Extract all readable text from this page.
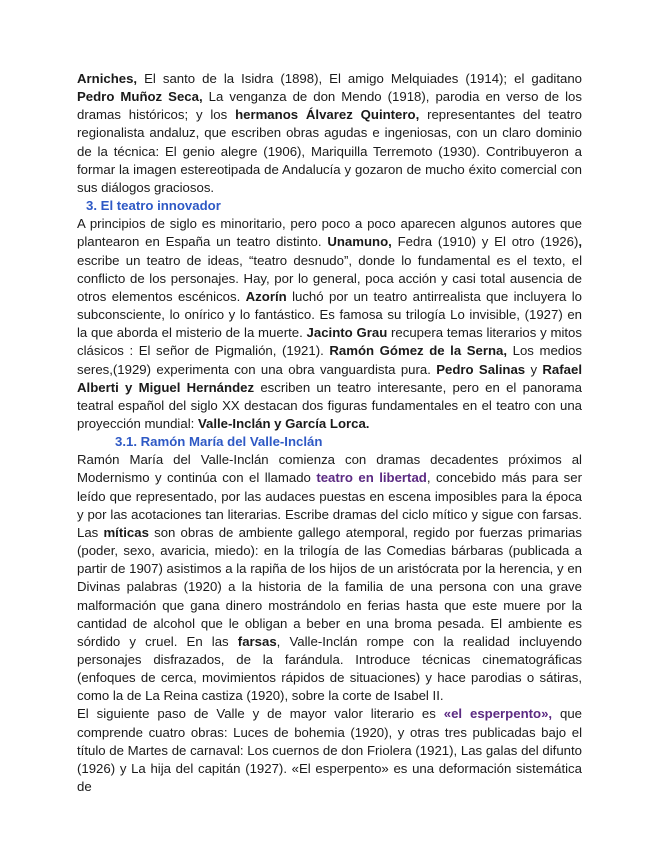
Arniches, El santo de la Isidra (1898), El amigo Melquiades (1914); el gaditano Pedro Muñoz Seca, La venganza de don Mendo (1918), parodia en verso de los dramas históricos; y los hermanos Álvarez Quintero, representantes del teatro regionalista andaluz, que escriben obras agudas e ingeniosas, con un claro dominio de la técnica: El genio alegre (1906), Mariquilla Terremoto (1930). Contribuyeron a formar la imagen estereotipada de Andalucía y gozaron de mucho éxito comercial con sus diálogos graciosos.

3. El teatro innovador

A principios de siglo es minoritario, pero poco a poco aparecen algunos autores que plantearon en España un teatro distinto. Unamuno, Fedra (1910) y El otro (1926), escribe un teatro de ideas, “teatro desnudo”, donde lo fundamental es el texto, el conflicto de los personajes. Hay, por lo general, poca acción y casi total ausencia de otros elementos escénicos. Azorín luchó por un teatro antirrealista que incluyera lo subconsciente, lo onírico y lo fantástico. Es famosa su trilogía Lo invisible, (1927) en la que aborda el misterio de la muerte. Jacinto Grau recupera temas literarios y mitos clásicos : El señor de Pigmalión, (1921). Ramón Gómez de la Serna, Los medios seres,(1929) experimenta con una obra vanguardista pura. Pedro Salinas y Rafael Alberti y Miguel Hernández escriben un teatro interesante, pero en el panorama teatral español del siglo XX destacan dos figuras fundamentales en el teatro con una proyección mundial: Valle-Inclán y García Lorca.

3.1. Ramón María del Valle-Inclán

Ramón María del Valle-Inclán comienza con dramas decadentes próximos al Modernismo y continúa con el llamado teatro en libertad, concebido más para ser leído que representado, por las audaces puestas en escena imposibles para la época y por las acotaciones tan literarias. Escribe dramas del ciclo mítico y sigue con farsas. Las míticas son obras de ambiente gallego atemporal, regido por fuerzas primarias (poder, sexo, avaricia, miedo): en la trilogía de las Comedias bárbaras (publicada a partir de 1907) asistimos a la rapiña de los hijos de un aristócrata por la herencia, y en Divinas palabras (1920) a la historia de la familia de una persona con una grave malformación que gana dinero mostrándolo en ferias hasta que este muere por la cantidad de alcohol que le obligan a beber en una broma pesada. El ambiente es sórdido y cruel. En las farsas, Valle-Inclán rompe con la realidad incluyendo personajes disfrazados, de la farándula. Introduce técnicas cinematográficas (enfoques de cerca, movimientos rápidos de situaciones) y hace parodias o sátiras, como la de La Reina castiza (1920), sobre la corte de Isabel II.

El siguiente paso de Valle y de mayor valor literario es «el esperpento», que comprende cuatro obras: Luces de bohemia (1920), y otras tres publicadas bajo el título de Martes de carnaval: Los cuernos de don Friolera (1921), Las galas del difunto (1926) y La hija del capitán (1927). «El esperpento» es una deformación sistemática de
